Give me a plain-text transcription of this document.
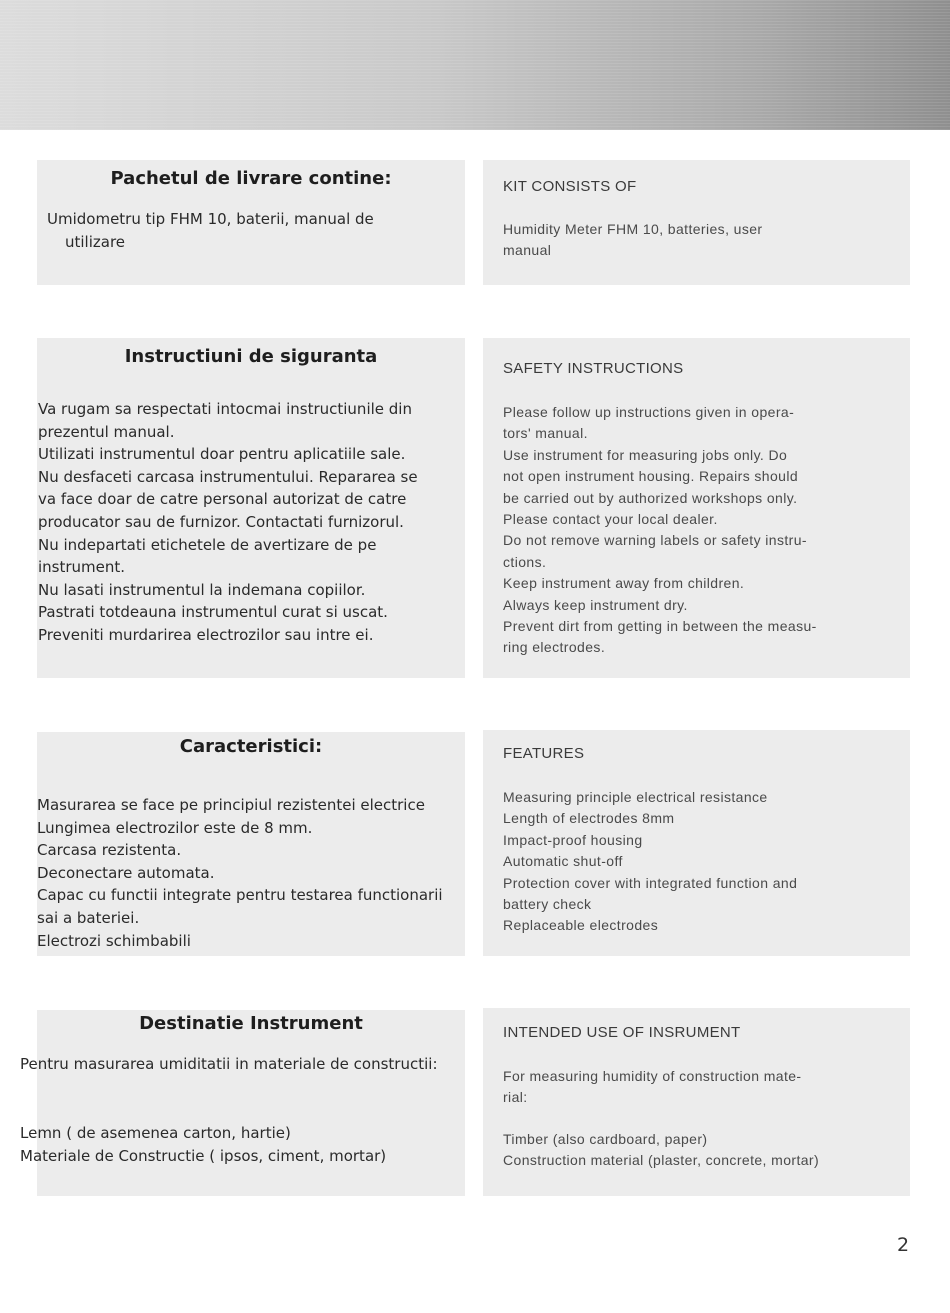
Pachetul de livrare contine:
Umidometru tip FHM 10, baterii, manual de
utilizare
KIT CONSISTS OF
Humidity Meter FHM 10, batteries, user
manual
Instructiuni de siguranta
Va rugam sa respectati intocmai instructiunile din
prezentul manual.
Utilizati instrumentul doar pentru aplicatiile sale.
Nu desfaceti carcasa instrumentului. Repararea se
va face doar de catre personal autorizat de catre
producator sau de furnizor. Contactati furnizorul.
Nu indepartati etichetele de avertizare de pe
instrument.
Nu lasati instrumentul la indemana copiilor.
Pastrati totdeauna instrumentul curat si uscat.
Preveniti murdarirea electrozilor sau intre ei.
SAFETY INSTRUCTIONS
Please follow up instructions given in opera-
tors' manual.
Use instrument for measuring jobs only. Do
not open instrument housing. Repairs should
be carried out by authorized workshops only.
Please contact your local dealer.
Do not remove warning labels or safety instru-
ctions.
Keep instrument away from children.
Always keep instrument dry.
Prevent dirt from getting in between the measu-
ring electrodes.
Caracteristici:
Masurarea se face pe principiul rezistentei electrice
Lungimea electrozilor este de 8 mm.
Carcasa rezistenta.
Deconectare automata.
Capac cu functii integrate pentru testarea functionarii
sai a bateriei.
Electrozi schimbabili
FEATURES
Measuring principle electrical resistance
Length of electrodes 8mm
Impact-proof housing
Automatic shut-off
Protection cover with integrated function and
battery check
Replaceable electrodes
Destinatie Instrument
Pentru masurarea umiditatii in materiale de constructii:
Lemn ( de asemenea carton, hartie)
Materiale de Constructie ( ipsos, ciment, mortar)
INTENDED USE OF INSRUMENT
For measuring humidity of construction mate-
rial:
Timber (also cardboard, paper)
Construction material (plaster, concrete, mortar)
2
